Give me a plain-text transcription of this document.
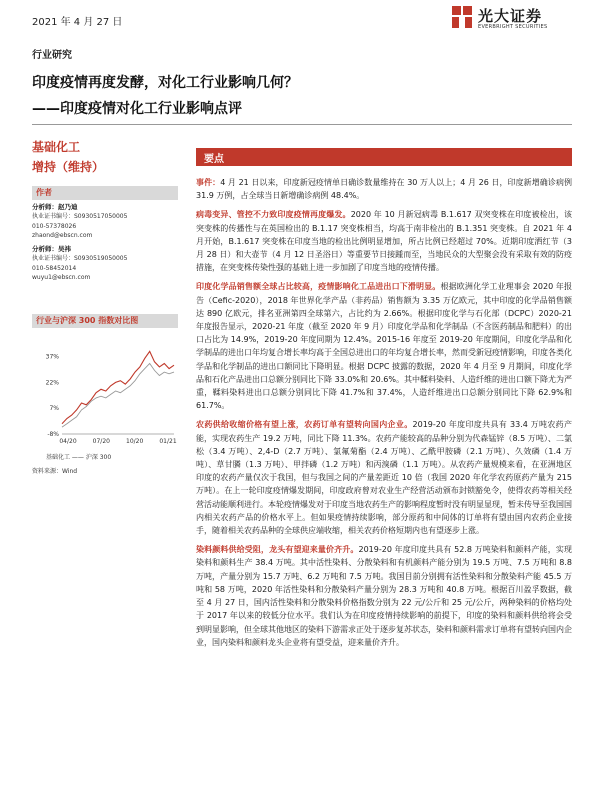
2021 年 4 月 27 日	光大证券
EVERBRIGHT SECURITIES
行业研究
印度疫情再度发酵，对化工行业影响几何？
——印度疫情对化工行业影响点评
基础化工
增持（维持）
作者
分析师：赵乃迪
执业证书编号：S0930517050005
010-57378026
zhaond@ebscn.com
分析师：吴祎
执业证书编号：S0930519050005
010-58452014
wuyu1@ebscn.com
行业与沪深 300 指数对比图
37%
22%
7%
-8%
04/20	07/20	10/20	01/21
基础化工 —— 沪深 300
资料来源：Wind
要点

事件：4 月 21 日以来，印度新冠疫情单日确诊数量维持在 30 万人以上；4 月 26 日，印度新增确诊病例 31.9 万例，占全球当日新增确诊病例 48.4%。

病毒变异、管控不力致印度疫情再度爆发。2020 年 10 月新冠病毒 B.1.617 双突变株在印度被检出，该突变株的传播性与在英国检出的 B.1.17 突变株相当，均高于南非检出的 B.1.351 突变株。自 2021 年 4 月开始，B.1.617 突变株在印度当地的检出比例明显增加，所占比例已经超过 70%。近期印度洒红节（3 月 28 日）和大壶节（4 月 12 日圣浴日）等重要节日接踵而至，当地民众的大型聚会没有采取有效的防疫措施，在突变株传染性强的基础上进一步加剧了印度当地的疫情传播。

印度化学品销售额全球占比较高，疫情影响化工品进出口下滑明显。根据欧洲化学工业理事会 2020 年报告（Cefic-2020），2018 年世界化学产品（非药品）销售额为 3.35 万亿欧元，其中印度的化学品销售额达 890 亿欧元，排名亚洲第四全球第六，占比约为 2.66%。根据印度化学与石化部（DCPC）2020-21 年度报告显示，2020-21 年度（截至 2020 年 9 月）印度化学品和化学制品（不含医药制品和肥料）的出口占比为 14.9%，2019-20 年度同期为 12.4%。2015-16 年度至 2019-20 年度期间，印度化学品和化学制品的进出口年均复合增长率均高于全国总进出口的年均复合增长率，然而受新冠疫情影响，印度各类化学品和化学制品的进出口额同比下降明显。根据 DCPC 披露的数据，2020 年 4 月至 9 月期间，印度化学品和石化产品进出口总额分别同比下降 33.0%和 20.6%。其中鞣料染料、人造纤维的进出口额下降尤为严重，鞣料染料进出口总额分别同比下降 41.7%和 37.4%，人造纤维进出口总额分别同比下降 62.9%和 61.7%。

农药供给收缩价格有望上涨，农药订单有望转向国内企业。2019-20 年度印度共具有 33.4 万吨农药产能，实现农药生产 19.2 万吨，同比下降 11.3%。农药产能较高的品种分别为代森锰锌（8.5 万吨）、二氯松（3.4 万吨）、2,4-D（2.7 万吨）、氯氟菊酯（2.4 万吨）、乙酰甲胺磷（2.1 万吨）、久效磷（1.4 万吨）、草甘膦（1.3 万吨）、甲拌磷（1.2 万吨）和丙溴磷（1.1 万吨）。从农药产量规模来看，在亚洲地区印度的农药产量仅次于我国，但与我国之间的产量差距近 10 倍（我国 2020 年化学农药原药产量为 215 万吨）。在上一轮印度疫情爆发期间，印度政府曾对农业生产经营活动颁布封锁豁免令，使得农药等相关经营活动能顺利进行。本轮疫情爆发对于印度当地农药生产的影响程度暂时没有明显显现，暂未传导至我国国内相关农药产品的价格水平上。但如果疫情持续影响，部分原药和中间体的订单将有望由国内农药企业接手，随着相关农药品种的全球供应端收缩，相关农药价格短期内也有望逐步上涨。

染料颜料供给受阻，龙头有望迎来量价齐升。2019-20 年度印度共具有 52.8 万吨染料和颜料产能，实现染料和颜料生产 38.4 万吨。其中活性染料、分散染料和有机颜料产能分别为 19.5 万吨、7.5 万吨和 8.8 万吨，产量分别为 15.7 万吨、6.2 万吨和 7.5 万吨。我国目前分别拥有活性染料和分散染料产能 45.5 万吨和 58 万吨，2020 年活性染料和分散染料产量分别为 28.3 万吨和 40.8 万吨。根据百川盈孚数据，截至 4 月 27 日，国内活性染料和分散染料价格指数分别为 22 元/公斤和 25 元/公斤，两种染料的价格均处于 2017 年以来的较低分位水平。我们认为在印度疫情持续影响的前提下，印度的染料和颜料供给将会受到明显影响，但全球其他地区的染料下游需求正处于逐步复苏状态，染料和颜料需求订单将有望转向国内企业，国内染料和颜料龙头企业将有望受益，迎来量价齐升。
